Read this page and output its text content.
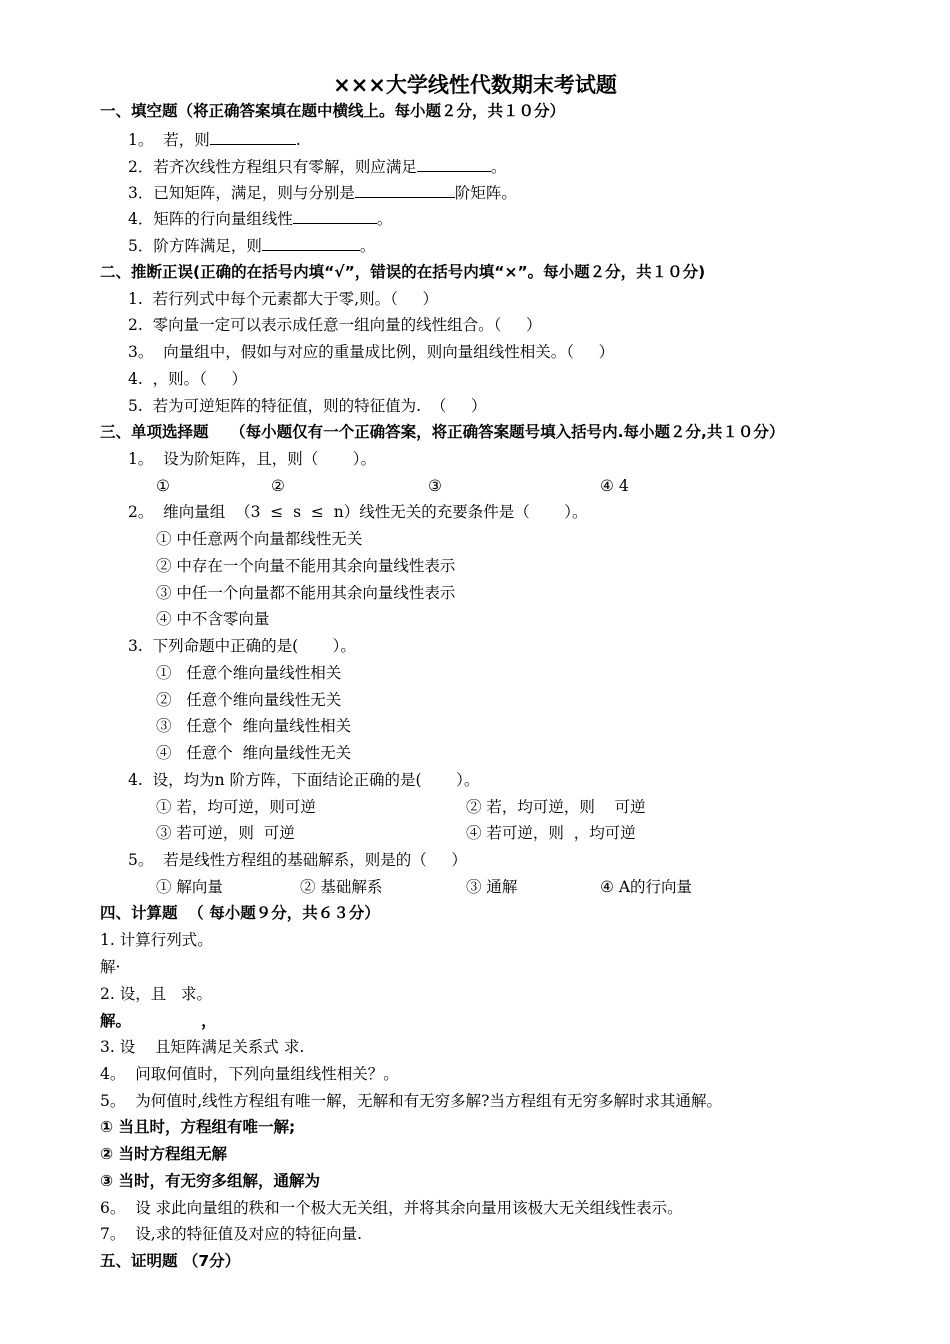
×××大学线性代数期末考试题
一、填空题（将正确答案填在题中横线上。每小题２分，共１０分）
1。  若，则	.
2．若齐次线性方程组只有零解，则应满足	。
3．已知矩阵，满足，则与分别是	阶矩阵。
4．矩阵的行向量组线性	。
5．阶方阵满足，则	。
二、推断正误(正确的在括号内填“√”，错误的在括号内填“×”。每小题２分，共１０分)
1.  若行列式中每个元素都大于零,则。（     ）
2.  零向量一定可以表示成任意一组向量的线性组合。（     ）
3。  向量组中，假如与对应的重量成比例，则向量组线性相关。（     ）
4.  ，则。（     ）
5.  若为可逆矩阵的特征值，则的特征值为.  （     ）
三、单项选择题    （每小题仅有一个正确答案，将正确答案题号填入括号内.每小题２分,共１０分）
1。  设为阶矩阵，且，则（       ）。
①	②	③	④ 4
2。  维向量组  （3  ≤  s  ≤  n）线性无关的充要条件是（       ）。
① 中任意两个向量都线性无关
② 中存在一个向量不能用其余向量线性表示
③ 中任一个向量都不能用其余向量线性表示
④ 中不含零向量
3.  下列命题中正确的是(       ）。
①   任意个维向量线性相关
②   任意个维向量线性无关
③   任意个  维向量线性相关
④   任意个  维向量线性无关
4.  设，均为n 阶方阵，下面结论正确的是(       ）。
① 若，均可逆，则可逆	② 若，均可逆，则    可逆
③ 若可逆，则  可逆	④ 若可逆，则  ，均可逆
5。  若是线性方程组的基础解系，则是的（     ）
① 解向量	② 基础解系	③ 通解	④ A的行向量
四、计算题  （ 每小题９分，共６３分）
1. 计算行列式。
解·
2. 设，且   求。
解。             ，
3. 设    且矩阵满足关系式 求.
4。  问取何值时，下列向量组线性相关？。
5。  为何值时,线性方程组有唯一解，无解和有无穷多解?当方程组有无穷多解时求其通解。
① 当且时，方程组有唯一解;
② 当时方程组无解
③ 当时，有无穷多组解，通解为
6。  设 求此向量组的秩和一个极大无关组，并将其余向量用该极大无关组线性表示。
7。  设,求的特征值及对应的特征向量.
五、证明题 （7分）
